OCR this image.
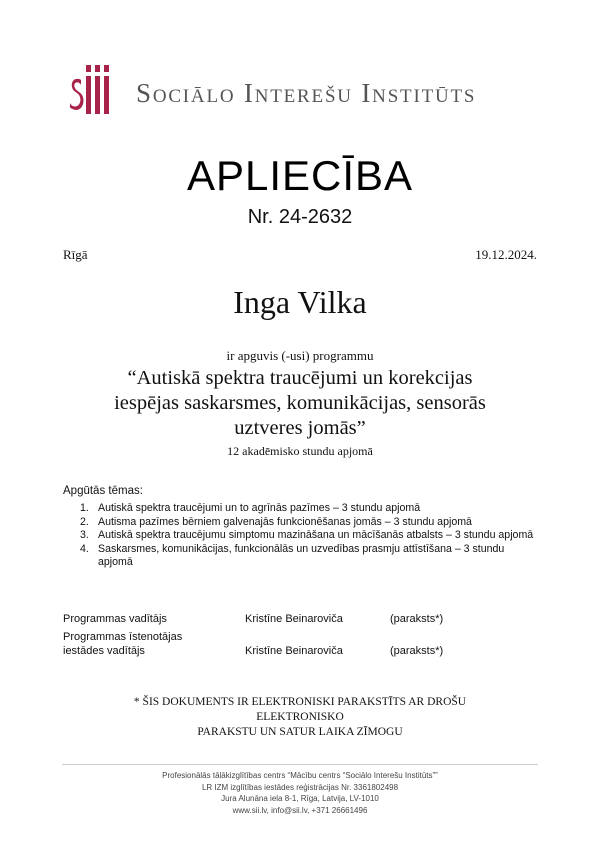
Sociālo Interešu Institūts
APLIECĪBA
Nr. 24-2632
Rīgā	19.12.2024.
Inga Vilka
ir apguvis (-usi) programmu
“Autiskā spektra traucējumi un korekcijas
iespējas saskarsmes, komunikācijas, sensorās
uztveres jomās”
12 akadēmisko stundu apjomā
Apgūtās tēmas:
1. Autiskā spektra traucējumi un to agrīnās pazīmes – 3 stundu apjomā
2. Autisma pazīmes bērniem galvenajās funkcionēšanas jomās – 3 stundu apjomā
3. Autiskā spektra traucējumu simptomu mazināšana un mācīšanās atbalsts – 3 stundu apjomā
4. Saskarsmes, komunikācijas, funkcionālās un uzvedības prasmju attīstīšana – 3 stundu apjomā
Programmas vadītājs	Kristīne Beinaroviča	(paraksts*)
Programmas īstenotājas
iestādes vadītājs	Kristīne Beinaroviča	(paraksts*)
* ŠIS DOKUMENTS IR ELEKTRONISKI PARAKSTĪTS AR DROŠU ELEKTRONISKO
PARAKSTU UN SATUR LAIKA ZĪMOGU
Profesionālās tālākizglītības centrs “Mācību centrs “Sociālo Interešu Institūts””
LR IZM izglītības iestādes reģistrācijas Nr. 3361802498
Jura Alunāna iela 8-1, Rīga, Latvija, LV-1010
www.sii.lv, info@sii.lv, +371 26661496
